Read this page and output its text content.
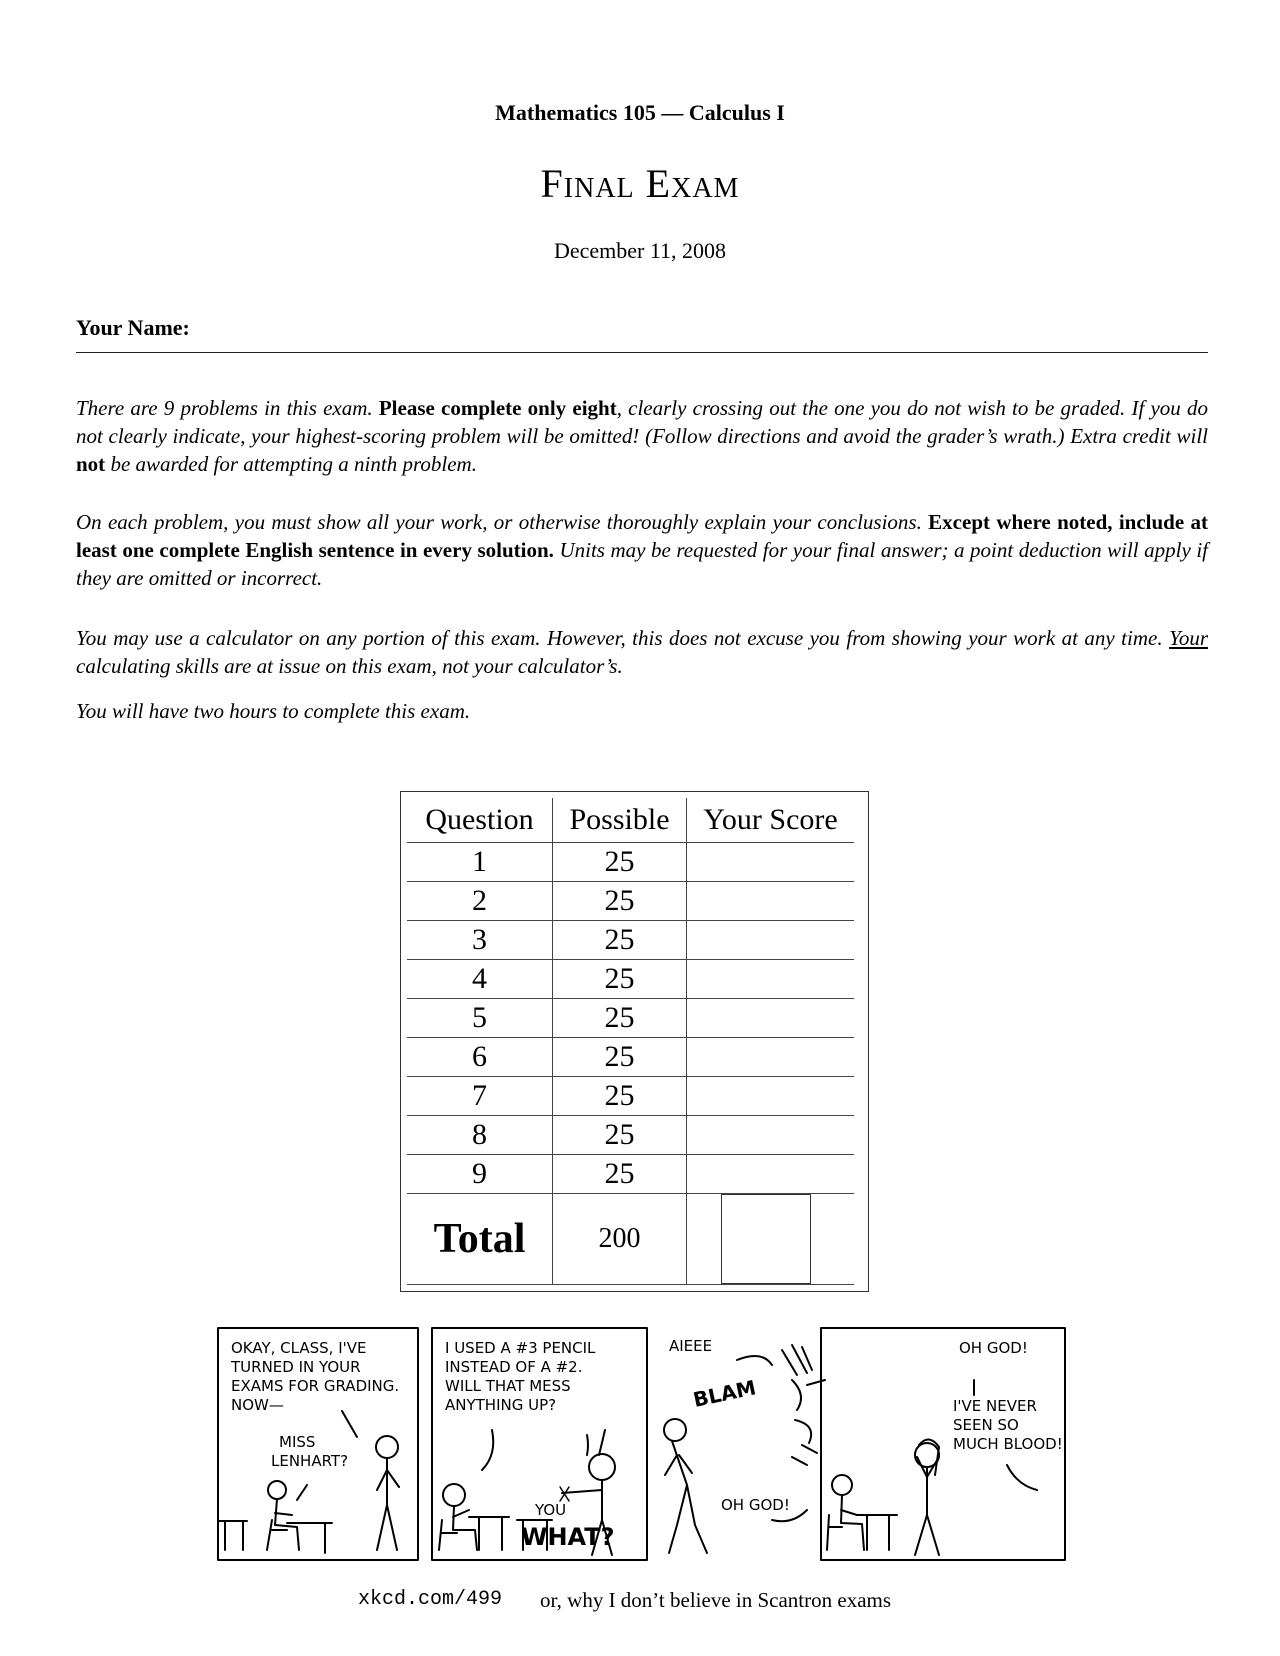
Mathematics 105 — Calculus I
Final Exam
December 11, 2008
Your Name:
There are 9 problems in this exam. Please complete only eight, clearly crossing out the one you do not wish to be graded. If you do not clearly indicate, your highest-scoring problem will be omitted! (Follow directions and avoid the grader’s wrath.) Extra credit will not be awarded for attempting a ninth problem.
On each problem, you must show all your work, or otherwise thoroughly explain your conclusions. Except where noted, include at least one complete English sentence in every solution. Units may be requested for your final answer; a point deduction will apply if they are omitted or incorrect.
You may use a calculator on any portion of this exam. However, this does not excuse you from showing your work at any time. Your calculating skills are at issue on this exam, not your calculator’s.
You will have two hours to complete this exam.
Question	Possible	Your Score
1	25	
2	25	
3	25	
4	25	
5	25	
6	25	
7	25	
8	25	
9	25	
Total	200	
OKAY, CLASS, I'VE
TURNED IN YOUR
EXAMS FOR GRADING.
NOW—
MISS
LENHART?
I USED A #3 PENCIL
INSTEAD OF A #2.
WILL THAT MESS
ANYTHING UP?
YOU
WHAT?
AIEEE
BLAM
OH GOD!
OH GOD!
I'VE NEVER
SEEN SO
MUCH BLOOD!
xkcd.com/499 or, why I don’t believe in Scantron exams
